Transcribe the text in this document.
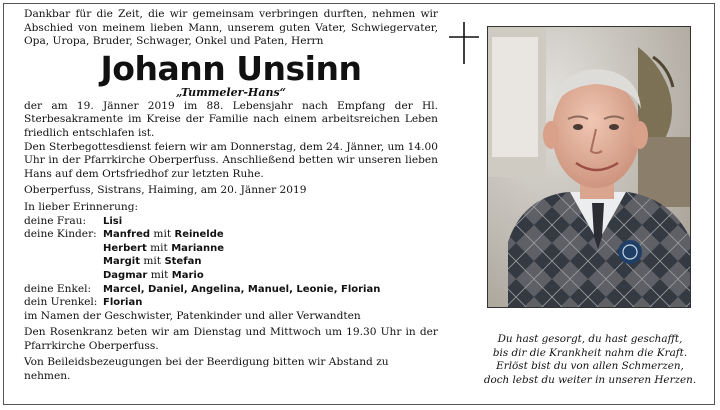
Dankbar für die Zeit, die wir gemeinsam verbringen durften, nehmen wir Abschied von meinem lieben Mann, unserem guten Vater, Schwiegervater, Opa, Uropa, Bruder, Schwager, Onkel und Paten, Herrn

Johann Unsinn
„Tummeler-Hans“

der am 19. Jänner 2019 im 88. Lebensjahr nach Empfang der Hl. Sterbesakramente im Kreise der Familie nach einem arbeitsreichen Leben friedlich entschlafen ist.

Den Sterbegottesdienst feiern wir am Donnerstag, dem 24. Jänner, um 14.00 Uhr in der Pfarrkirche Oberperfuss. Anschließend betten wir unseren lieben Hans auf dem Ortsfriedhof zur letzten Ruhe.

Oberperfuss, Sistrans, Haiming, am 20. Jänner 2019

In lieber Erinnerung:
deine Frau:	Lisi
deine Kinder: Manfred mit Reinelde
Herbert mit Marianne
Margit mit Stefan
Dagmar mit Mario
deine Enkel:	Marcel, Daniel, Angelina, Manuel, Leonie, Florian
dein Urenkel: Florian
im Namen der Geschwister, Patenkinder und aller Verwandten

Den Rosenkranz beten wir am Dienstag und Mittwoch um 19.30 Uhr in der Pfarrkirche Oberperfuss.

Von Beileidsbezeugungen bei der Beerdigung bitten wir Abstand zu nehmen.

Du hast gesorgt, du hast geschafft,
bis dir die Krankheit nahm die Kraft.
Erlöst bist du von allen Schmerzen,
doch lebst du weiter in unseren Herzen.
